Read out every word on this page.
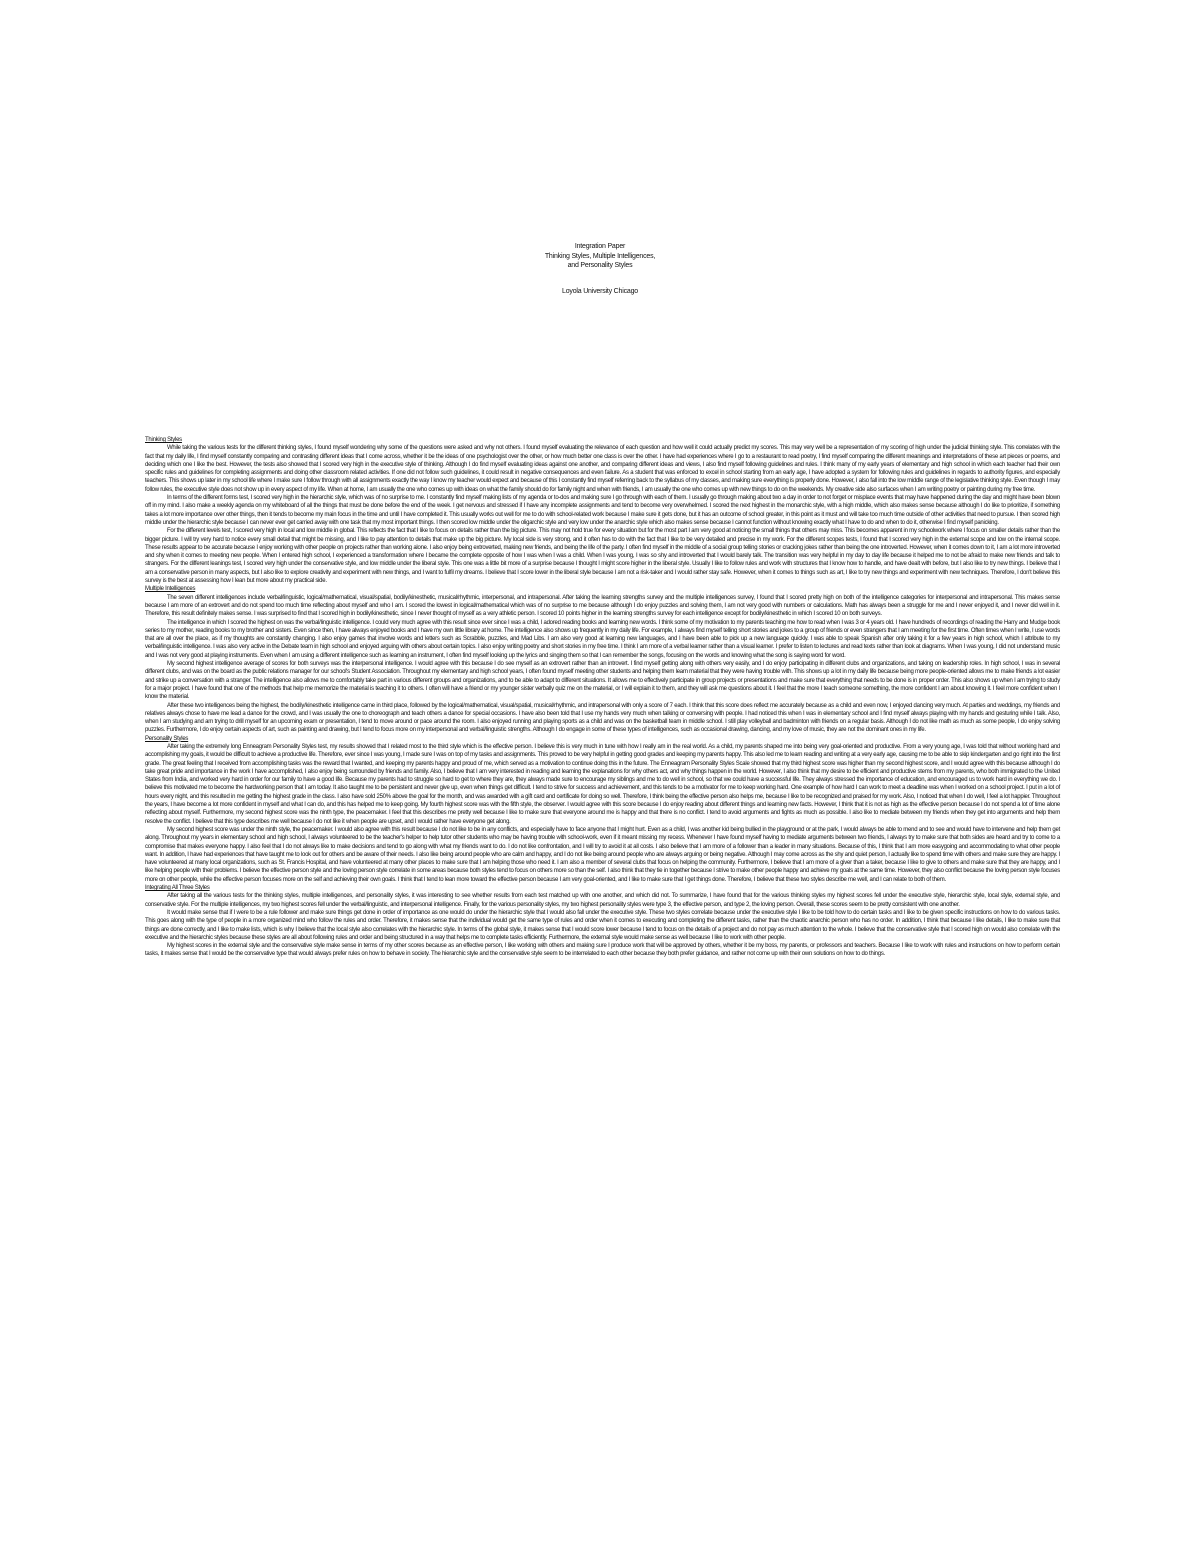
Integration Paper
Thinking Styles, Multiple Intelligences,
and Personality Styles
Loyola University Chicago

Thinking Styles

While taking the various tests for the different thinking styles, I found myself wondering why some of the questions were asked and why not others. I found myself evaluating the relevance of each question and how well it could actually predict my scores. This may very well be a representation of my scoring of high under the judicial thinking style. This correlates with the fact that my daily life, I find myself constantly comparing and contrasting different ideas that I come across, whether it be the ideas of one psychologist over the other, or how much better one class is over the other. I have had experiences where I go to a restaurant to read poetry, I find myself comparing the different meanings and interpretations of these art pieces or poems, and deciding which one I like the best. However, the tests also showed that I scored very high in the executive style of thinking. Although I do find myself evaluating ideas against one another, and comparing different ideas and views, I also find myself following guidelines and rules. I think many of my early years of elementary and high school in which each teacher had their own specific rules and guidelines for completing assignments and doing other classroom related activities. If one did not follow such guidelines, it could result in negative consequences and even failure. As a student that was enforced to excel in school starting from an early age, I have adopted a system for following rules and guidelines in regards to authority figures, and especially teachers. This shows up later in my school life where I make sure I follow through with all assignments exactly the way I know my teacher would expect and because of this I constantly find myself referring back to the syllabus of my classes, and making sure everything is properly done. However, I also fall into the low middle range of the legislative thinking style. Even though I may follow rules, the executive style does not show up in every aspect of my life. When at home, I am usually the one who comes up with ideas on what the family should do for family night and when with friends, I am usually the one who comes up with new things to do on the weekends. My creative side also surfaces when I am writing poetry or painting during my free time.

In terms of the different forms test, I scored very high in the hierarchic style, which was of no surprise to me. I constantly find myself making lists of my agenda or to-dos and making sure I go through with each of them. I usually go through making about two a day in order to not forget or misplace events that may have happened during the day and might have been blown off in my mind. I also make a weekly agenda on my whiteboard of all the things that must be done before the end of the week. I get nervous and stressed if I have any incomplete assignments and tend to become very overwhelmed. I scored the next highest in the monarchic style, with a high middle, which also makes sense because although I do like to prioritize, if something takes a lot more importance over other things, then it tends to become my main focus in the time and until I have completed it. This usually works out well for me to do with school-related work because I make sure it gets done, but it has an outcome of school greater, in this point as it must and will take too much time outside of other activities that need to pursue. I then scored high middle under the hierarchic style because I can never ever get carried away with one task that my most important things. I then scored low middle under the oligarchic style and very low under the anarchic style which also makes sense because I cannot function without knowing exactly what I have to do and when to do it, otherwise I find myself panicking.

For the different levels test, I scored very high in local and low middle in global. This reflects the fact that I like to focus on details rather than the big picture. This may not hold true for every situation but for the most part I am very good at noticing the small things that others may miss. This becomes apparent in my schoolwork where I focus on smaller details rather than the bigger picture. I will try very hard to notice every small detail that might be missing, and I like to pay attention to details that make up the big picture. My local side is very strong, and it often has to do with the fact that I like to be very detailed and precise in my work. For the different scopes tests, I found that I scored very high in the external scope and low on the internal scope. These results appear to be accurate because I enjoy working with other people on projects rather than working alone. I also enjoy being extroverted, making new friends, and being the life of the party. I often find myself in the middle of a social group telling stories or cracking jokes rather than being the one introverted. However, when it comes down to it, I am a lot more introverted and shy when it comes to meeting new people. When I entered high school, I experienced a transformation where I became the complete opposite of how I was when I was a child. When I was young, I was so shy and introverted that I would barely talk. The transition was very helpful in my day to day life because it helped me to not be afraid to make new friends and talk to strangers. For the different leanings test, I scored very high under the conservative style, and low middle under the liberal style. This one was a little bit more of a surprise because I thought I might score higher in the liberal style. Usually I like to follow rules and work with structures that I know how to handle, and have dealt with before, but I also like to try new things. I believe that I am a conservative person in many aspects, but I also like to explore creativity and experiment with new things, and I want to fulfil my dreams. I believe that I score lower in the liberal style because I am not a risk-taker and I would rather stay safe. However, when it comes to things such as art, I like to try new things and experiment with new techniques. Therefore, I don't believe this survey is the best at assessing how I lean but more about my practical side.

Multiple Intelligences

The seven different intelligences include verbal/linguistic, logical/mathematical, visual/spatial, bodily/kinesthetic, musical/rhythmic, interpersonal, and intrapersonal. After taking the learning strengths survey and the multiple intelligences survey, I found that I scored pretty high on both of the intelligence categories for interpersonal and intrapersonal. This makes sense because I am more of an extrovert and do not spend too much time reflecting about myself and who I am. I scored the lowest in logical/mathematical which was of no surprise to me because although I do enjoy puzzles and solving them, I am not very good with numbers or calculations. Math has always been a struggle for me and I never enjoyed it, and I never did well in it. Therefore, this result definitely makes sense. I was surprised to find that I scored high in bodily/kinesthetic, since I never thought of myself as a very athletic person. I scored 10 points higher in the learning strengths survey for each intelligence except for bodily/kinesthetic in which I scored 10 on both surveys.

The intelligence in which I scored the highest on was the verbal/linguistic intelligence. I could very much agree with this result since ever since I was a child, I adored reading books and learning new words. I think some of my motivation to my parents teaching me how to read when I was 3 or 4 years old. I have hundreds of recordings of reading the Harry and Mudge book series to my mother, reading books to my brother and sisters. Even since then, I have always enjoyed books and I have my own little library at home. The intelligence also shows up frequently in my daily life. For example, I always find myself telling short stories and jokes to a group of friends or even strangers that I am meeting for the first time. Often times when I write, I use words that are all over the place, as if my thoughts are constantly changing. I also enjoy games that involve words and letters such as Scrabble, puzzles, and Mad Libs. I am also very good at learning new languages, and I have been able to pick up a new language quickly. I was able to speak Spanish after only taking it for a few years in high school, which I attribute to my verbal/linguistic intelligence. I was also very active in the Debate team in high school and enjoyed arguing with others about certain topics. I also enjoy writing poetry and short stories in my free time. I think I am more of a verbal learner rather than a visual learner. I prefer to listen to lectures and read texts rather than look at diagrams. When I was young, I did not understand music and I was not very good at playing instruments. Even when I am using a different intelligence such as learning an instrument, I often find myself looking up the lyrics and singing them so that I can remember the songs, focusing on the words and knowing what the song is saying word for word.

My second highest intelligence average of scores for both surveys was the interpersonal intelligence. I would agree with this because I do see myself as an extrovert rather than an introvert. I find myself getting along with others very easily, and I do enjoy participating in different clubs and organizations, and taking on leadership roles. In high school, I was in several different clubs, and was on the board as the public relations manager for our school's Student Association. Throughout my elementary and high school years, I often found myself meeting other students and helping them learn material that they were having trouble with. This shows up a lot in my daily life because being more people-oriented allows me to make friends a lot easier and strike up a conversation with a stranger. The intelligence also allows me to comfortably take part in various different groups and organizations, and to be able to adapt to different situations. It allows me to effectively participate in group projects or presentations and make sure that everything that needs to be done is in proper order. This also shows up when I am trying to study for a major project. I have found that one of the methods that help me memorize the material is teaching it to others. I often will have a friend or my younger sister verbally quiz me on the material, or I will explain it to them, and they will ask me questions about it. I feel that the more I teach someone something, the more confident I am about knowing it. I feel more confident when I know the material.

After these two intelligences being the highest, the bodily/kinesthetic intelligence came in third place, followed by the logical/mathematical, visual/spatial, musical/rhythmic, and intrapersonal with only a score of 7 each. I think that this score does reflect me accurately because as a child and even now, I enjoyed dancing very much. At parties and weddings, my friends and relatives always chose to have me lead a dance for the crowd, and I was usually the one to choreograph and teach others a dance for special occasions. I have also been told that I use my hands very much when talking or conversing with people. I had noticed this when I was in elementary school and I find myself always playing with my hands and gesturing while I talk. Also, when I am studying and am trying to drill myself for an upcoming exam or presentation, I tend to move around or pace around the room. I also enjoyed running and playing sports as a child and was on the basketball team in middle school. I still play volleyball and badminton with friends on a regular basis. Although I do not like math as much as some people, I do enjoy solving puzzles. Furthermore, I do enjoy certain aspects of art, such as painting and drawing, but I tend to focus more on my interpersonal and verbal/linguistic strengths. Although I do engage in some of these types of intelligences, such as occasional drawing, dancing, and my love of music, they are not the dominant ones in my life.

Personality Styles

After taking the extremely long Enneagram Personality Styles test, my results showed that I related most to the third style which is the effective person. I believe this is very much in tune with how I really am in the real world. As a child, my parents shaped me into being very goal-oriented and productive. From a very young age, I was told that without working hard and accomplishing my goals, it would be difficult to achieve a productive life. Therefore, ever since I was young, I made sure I was on top of my tasks and assignments. This proved to be very helpful in getting good grades and keeping my parents happy. This also led me to learn reading and writing at a very early age, causing me to be able to skip kindergarten and go right into the first grade. The great feeling that I received from accomplishing tasks was the reward that I wanted, and keeping my parents happy and proud of me, which served as a motivation to continue doing this in the future. The Enneagram Personality Styles Scale showed that my third highest score was higher than my second highest score, and I would agree with this because although I do take great pride and importance in the work I have accomplished, I also enjoy being surrounded by friends and family. Also, I believe that I am very interested in reading and learning the explanations for why others act, and why things happen in the world. However, I also think that my desire to be efficient and productive stems from my parents, who both immigrated to the United States from India, and worked very hard in order for our family to have a good life. Because my parents had to struggle so hard to get to where they are, they always made sure to encourage my siblings and me to do well in school, so that we could have a successful life. They always stressed the importance of education, and encouraged us to work hard in everything we do. I believe this motivated me to become the hardworking person that I am today. It also taught me to be persistent and never give up, even when things get difficult. I tend to strive for success and achievement, and this tends to be a motivator for me to keep working hard. One example of how hard I can work to meet a deadline was when I worked on a school project. I put in a lot of hours every night, and this resulted in me getting the highest grade in the class. I also have sold 250% above the goal for the month, and was awarded with a gift card and certificate for doing so well. Therefore, I think being the effective person also helps me, because I like to be recognized and praised for my work. Also, I noticed that when I do well, I feel a lot happier. Throughout the years, I have become a lot more confident in myself and what I can do, and this has helped me to keep going. My fourth highest score was with the fifth style, the observer. I would agree with this score because I do enjoy reading about different things and learning new facts. However, I think that it is not as high as the effective person because I do not spend a lot of time alone reflecting about myself. Furthermore, my second highest score was the ninth type, the peacemaker. I feel that this describes me pretty well because I like to make sure that everyone around me is happy and that there is no conflict. I tend to avoid arguments and fights as much as possible. I also like to mediate between my friends when they get into arguments and help them resolve the conflict. I believe that this type describes me well because I do not like it when people are upset, and I would rather have everyone get along.

My second highest score was under the ninth style, the peacemaker. I would also agree with this result because I do not like to be in any conflicts, and especially have to face anyone that I might hurt. Even as a child, I was another kid being bullied in the playground or at the park, I would always be able to mend and to see and would have to intervene and help them get along. Throughout my years in elementary school and high school, I always volunteered to be the teacher's helper to help tutor other students who may be having trouble with school-work, even if it meant missing my recess. Whenever I have found myself having to mediate arguments between two friends, I always try to make sure that both sides are heard and try to come to a compromise that makes everyone happy. I also feel that I do not always like to make decisions and tend to go along with what my friends want to do. I do not like confrontation, and I will try to avoid it at all costs. I also believe that I am more of a follower than a leader in many situations. Because of this, I think that I am more easygoing and accommodating to what other people want. In addition, I have had experiences that have taught me to look out for others and be aware of their needs. I also like being around people who are calm and happy, and I do not like being around people who are always arguing or being negative. Although I may come across as the shy and quiet person, I actually like to spend time with others and make sure they are happy. I have volunteered at many local organizations, such as St. Francis Hospital, and have volunteered at many other places to make sure that I am helping those who need it. I am also a member of several clubs that focus on helping the community. Furthermore, I believe that I am more of a giver than a taker, because I like to give to others and make sure that they are happy, and I like helping people with their problems. I believe the effective person style and the loving person style correlate in some areas because both styles tend to focus on others more so than the self. I also think that they tie in together because I strive to make other people happy and achieve my goals at the same time. However, they also conflict because the loving person style focuses more on other people, while the effective person focuses more on the self and achieving their own goals. I think that I tend to lean more toward the effective person because I am very goal-oriented, and I like to make sure that I get things done. Therefore, I believe that these two styles describe me well, and I can relate to both of them.

Integrating All Three Styles

After taking all the various tests for the thinking styles, multiple intelligences, and personality styles, it was interesting to see whether results from each test matched up with one another, and which did not. To summarize, I have found that for the various thinking styles my highest scores fell under the executive style, hierarchic style, local style, external style, and conservative style. For the multiple intelligences, my two highest scores fell under the verbal/linguistic, and interpersonal intelligence. Finally, for the various personality styles, my two highest personality styles were type 3, the effective person, and type 2, the loving person. Overall, these scores seem to be pretty consistent with one another.

It would make sense that if I were to be a rule follower and make sure things get done in order of importance as one would do under the hierarchic style that I would also fall under the executive style. These two styles correlate because under the executive style I like to be told how to do certain tasks and I like to be given specific instructions on how to do various tasks. This goes along with the type of people in a more organized mind who follow the rules and order. Therefore, it makes sense that the individual would get the same type of rules and order when it comes to executing and completing the different tasks, rather than the chaotic anarchic person who has no order. In addition, I think that because I like details, I like to make sure that things are done correctly, and I like to make lists, which is why I believe that the local style also correlates with the hierarchic style. In terms of the global style, it makes sense that I would score lower because I tend to focus on the details of a project and do not pay as much attention to the whole. I believe that the conservative style that I scored high on would also correlate with the executive and the hierarchic styles because these styles are all about following rules and order and being structured in a way that helps me to complete tasks efficiently. Furthermore, the external style would make sense as well because I like to work with other people.

My highest scores in the external style and the conservative style make sense in terms of my other scores because as an effective person, I like working with others and making sure I produce work that will be approved by others, whether it be my boss, my parents, or professors and teachers. Because I like to work with rules and instructions on how to perform certain tasks, it makes sense that I would be the conservative type that would always prefer rules on how to behave in society. The hierarchic style and the conservative style seem to be interrelated to each other because they both prefer guidance, and rather not come up with their own solutions on how to do things.
